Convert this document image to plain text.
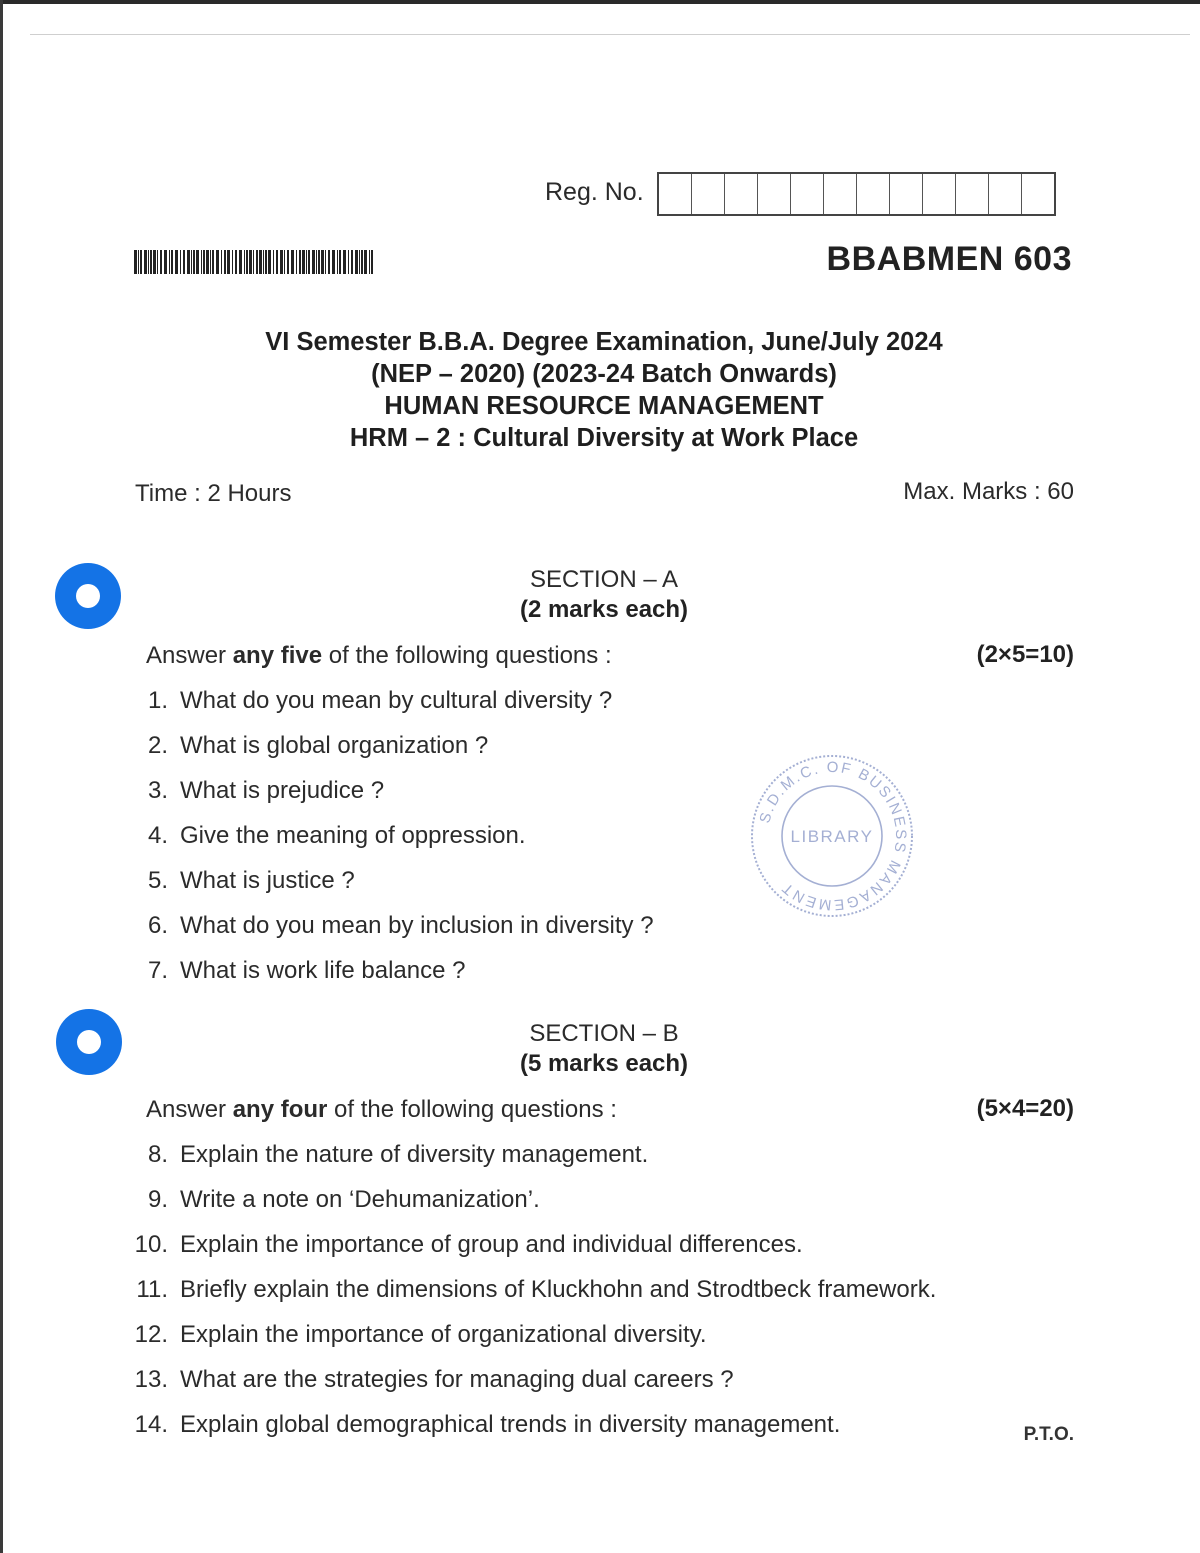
Reg. No.
BBABMEN 603
VI Semester B.B.A. Degree Examination, June/July 2024
(NEP – 2020) (2023-24 Batch Onwards)
HUMAN RESOURCE MANAGEMENT
HRM – 2 : Cultural Diversity at Work Place
Time : 2 Hours	Max. Marks : 60
SECTION – A
(2 marks each)
Answer any five of the following questions :	(2×5=10)
1. What do you mean by cultural diversity ?
2. What is global organization ?
3. What is prejudice ?
4. Give the meaning of oppression.
5. What is justice ?
6. What do you mean by inclusion in diversity ?
7. What is work life balance ?
S.D.M.C. OF BUSINESS MANAGEMENT
LIBRARY
SECTION – B
(5 marks each)
Answer any four of the following questions :	(5×4=20)
8. Explain the nature of diversity management.
9. Write a note on ‘Dehumanization’.
10. Explain the importance of group and individual differences.
11. Briefly explain the dimensions of Kluckhohn and Strodtbeck framework.
12. Explain the importance of organizational diversity.
13. What are the strategies for managing dual careers ?
14. Explain global demographical trends in diversity management.	P.T.O.
